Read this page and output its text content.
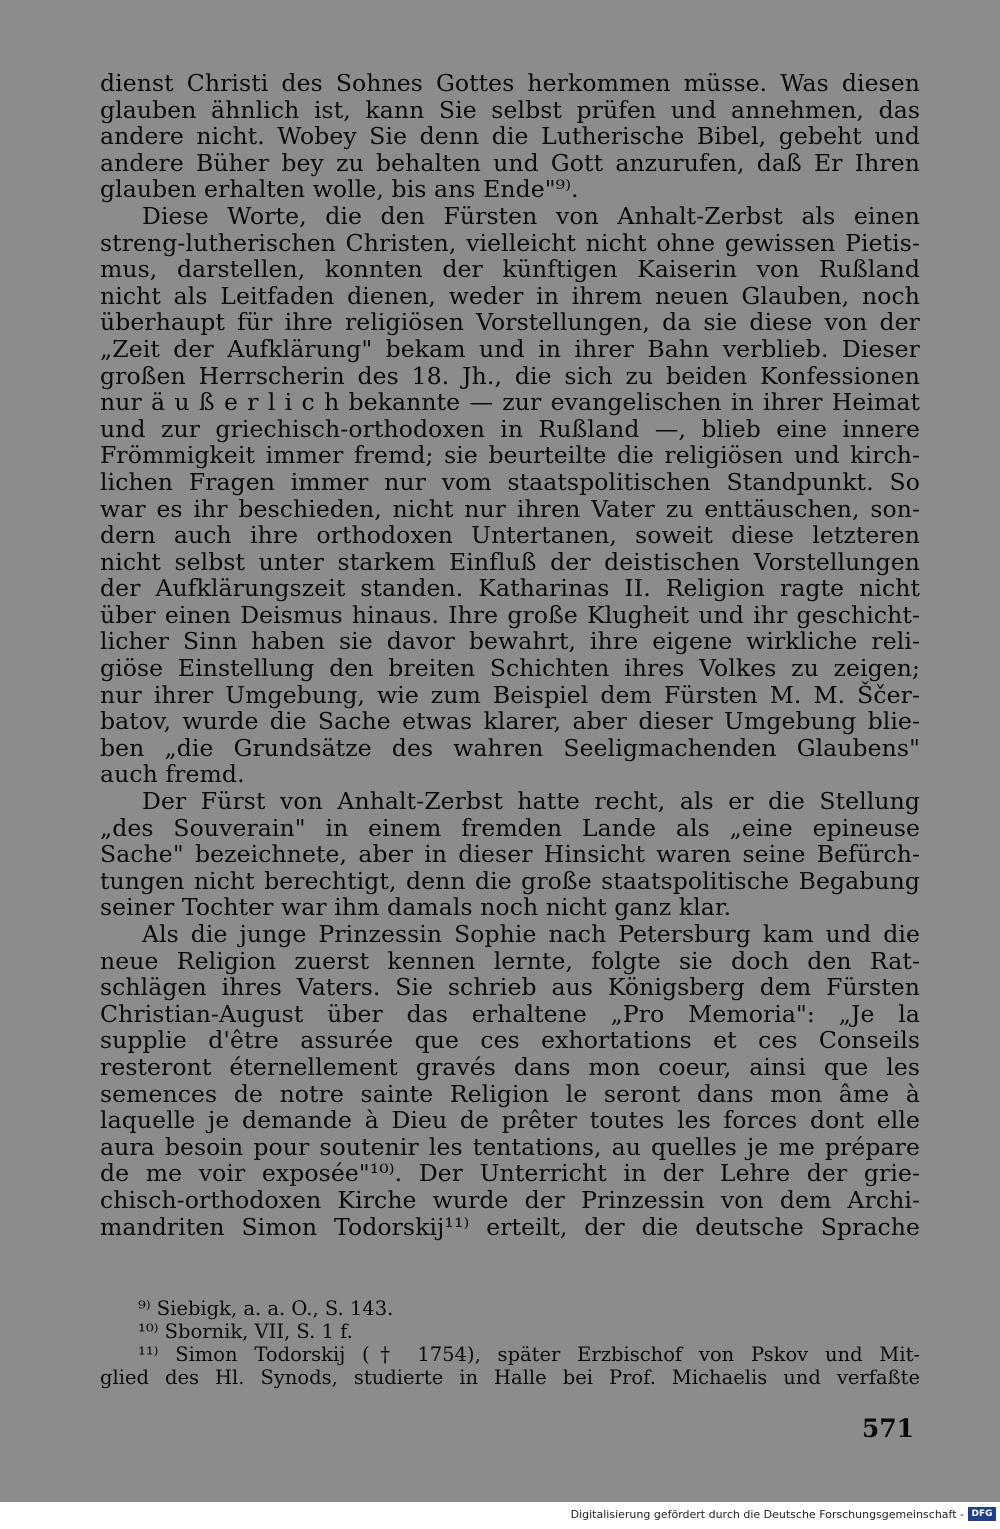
dienst Christi des Sohnes Gottes herkommen müsse. Was diesen
glauben ähnlich ist, kann Sie selbst prüfen und annehmen, das
andere nicht. Wobey Sie denn die Lutherische Bibel, gebeht und
andere Büher bey zu behalten und Gott anzurufen, daß Er Ihren
glauben erhalten wolle, bis ans Ende"⁹⁾.
Diese Worte, die den Fürsten von Anhalt-Zerbst als einen
streng-lutherischen Christen, vielleicht nicht ohne gewissen Pietis-
mus, darstellen, konnten der künftigen Kaiserin von Rußland
nicht als Leitfaden dienen, weder in ihrem neuen Glauben, noch
überhaupt für ihre religiösen Vorstellungen, da sie diese von der
„Zeit der Aufklärung" bekam und in ihrer Bahn verblieb. Dieser
großen Herrscherin des 18. Jh., die sich zu beiden Konfessionen
nur ä u ß e r l i c h bekannte — zur evangelischen in ihrer Heimat
und zur griechisch-orthodoxen in Rußland —, blieb eine innere
Frömmigkeit immer fremd; sie beurteilte die religiösen und kirch-
lichen Fragen immer nur vom staatspolitischen Standpunkt. So
war es ihr beschieden, nicht nur ihren Vater zu enttäuschen, son-
dern auch ihre orthodoxen Untertanen, soweit diese letzteren
nicht selbst unter starkem Einfluß der deistischen Vorstellungen
der Aufklärungszeit standen. Katharinas II. Religion ragte nicht
über einen Deismus hinaus. Ihre große Klugheit und ihr geschicht-
licher Sinn haben sie davor bewahrt, ihre eigene wirkliche reli-
giöse Einstellung den breiten Schichten ihres Volkes zu zeigen;
nur ihrer Umgebung, wie zum Beispiel dem Fürsten M. M. Ščer-
batov, wurde die Sache etwas klarer, aber dieser Umgebung blie-
ben „die Grundsätze des wahren Seeligmachenden Glaubens"
auch fremd.
Der Fürst von Anhalt-Zerbst hatte recht, als er die Stellung
„des Souverain" in einem fremden Lande als „eine epineuse
Sache" bezeichnete, aber in dieser Hinsicht waren seine Befürch-
tungen nicht berechtigt, denn die große staatspolitische Begabung
seiner Tochter war ihm damals noch nicht ganz klar.
Als die junge Prinzessin Sophie nach Petersburg kam und die
neue Religion zuerst kennen lernte, folgte sie doch den Rat-
schlägen ihres Vaters. Sie schrieb aus Königsberg dem Fürsten
Christian-August über das erhaltene „Pro Memoria": „Je la
supplie d'être assurée que ces exhortations et ces Conseils
resteront éternellement gravés dans mon coeur, ainsi que les
semences de notre sainte Religion le seront dans mon âme à
laquelle je demande à Dieu de prêter toutes les forces dont elle
aura besoin pour soutenir les tentations, au quelles je me prépare
de me voir exposée"¹⁰⁾. Der Unterricht in der Lehre der grie-
chisch-orthodoxen Kirche wurde der Prinzessin von dem Archi-
mandriten Simon Todorskij¹¹⁾ erteilt, der die deutsche Sprache
⁹⁾ Siebigk, a. a. O., S. 143.
¹⁰⁾ Sbornik, VII, S. 1 f.
¹¹⁾ Simon Todorskij († 1754), später Erzbischof von Pskov und Mit-
glied des Hl. Synods, studierte in Halle bei Prof. Michaelis und verfaßte
571
Digitalisierung gefördert durch die Deutsche Forschungsgemeinschaft - DFG
